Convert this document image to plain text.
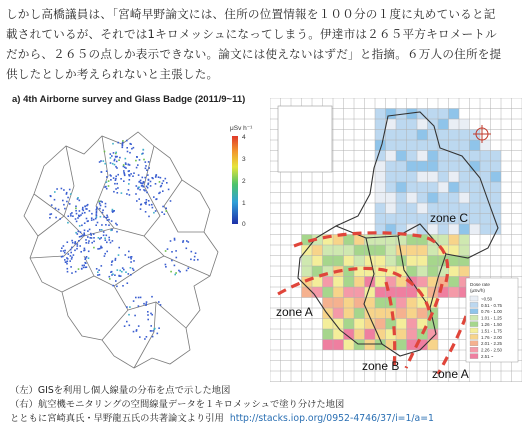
しかし高橋議員は、「宮崎早野論文には、住所の位置情報を１００分の１度に丸めていると記

載されているが、それでは1キロメッシュになってしまう。伊達市は２６５平方キロメートル

だから、２６５の点しか表示できない。論文には使えないはずだ」と指摘。６万人の住所を提

供したとしか考えられないと主張した。

a) 4th Airborne survey and Glass Badge (2011/9~11)
μSv h⁻¹
4
3
2
1
0	zone C
zone A
zone B
zone A
Dose rate
(μSv/h)
~0.50
0.51 - 0.75
0.76 - 1.00
1.01 - 1.25
1.26 - 1.50
1.51 - 1.75
1.76 - 2.00
2.01 - 2.25
2.26 - 2.50
2.51 ~

（左）GISを利用し個人線量の分布を点で示した地図

（右）航空機モニタリングの空間線量データを１キロメッシュで塗り分けた地図

とともに宮崎真氏・早野龍五氏の共著論文より引用 http://stacks.iop.org/0952-4746/37/i=1/a=1
